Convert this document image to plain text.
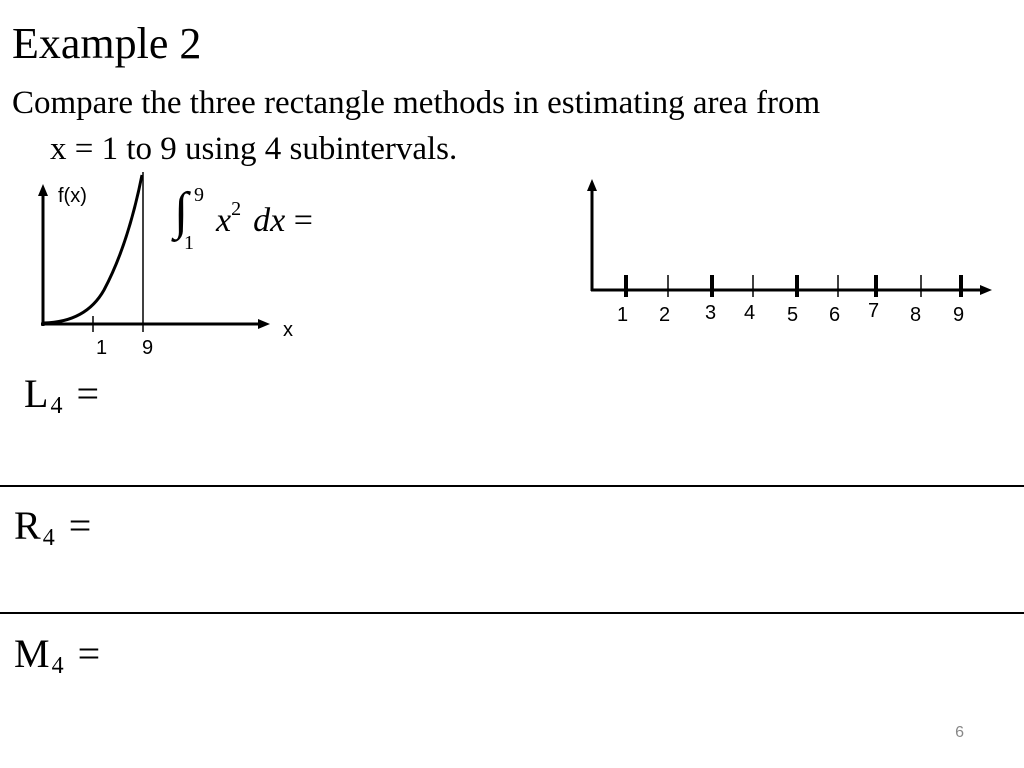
Example 2
Compare the three rectangle methods in estimating area from
x = 1 to 9 using 4 subintervals.
f(x)
x
1 9
∫ 9
1
$x^2$ dx =
1 2 3 4 5 6 7 8 9
$L_4$ =
$R_4$ =
$M_4$ =
6
